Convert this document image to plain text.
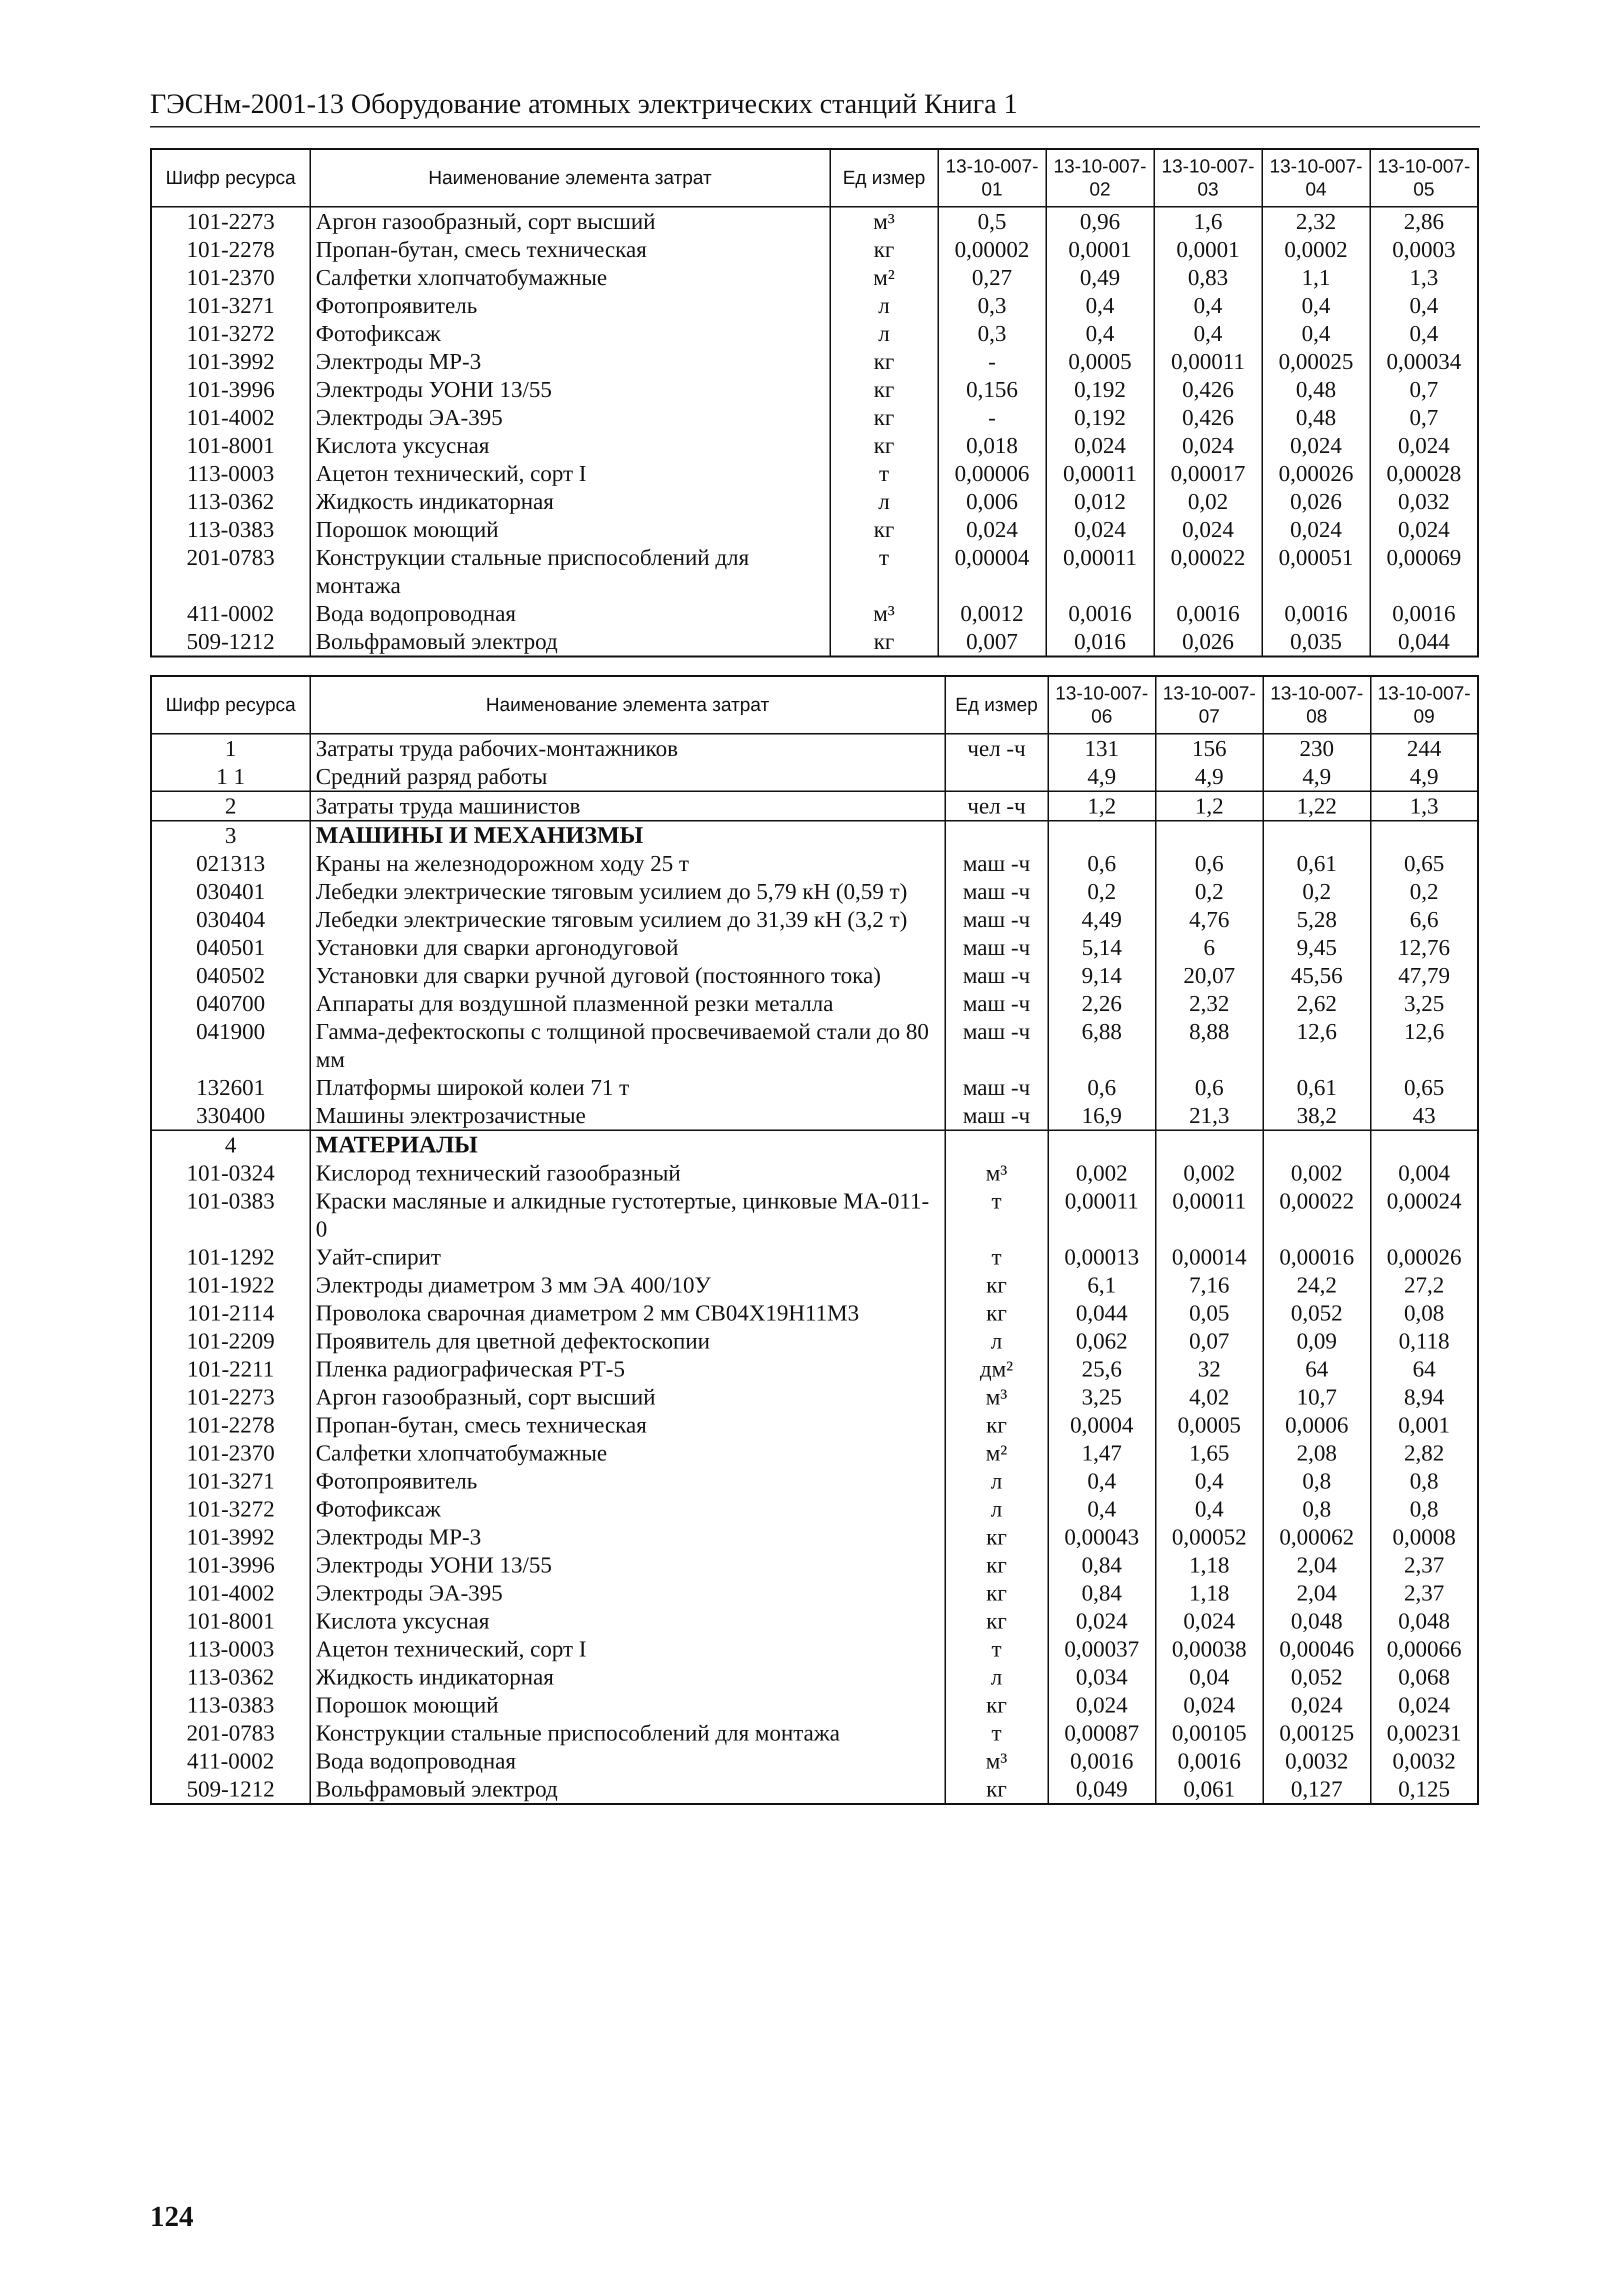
ГЭСНм-2001-13 Оборудование атомных электрических станций Книга 1
Шифр ресурса	Наименование элемента затрат	Ед измер	13-10-007-01	13-10-007-02	13-10-007-03	13-10-007-04	13-10-007-05
101-2273	Аргон газообразный, сорт высший	м³	0,5	0,96	1,6	2,32	2,86
101-2278	Пропан-бутан, смесь техническая	кг	0,00002	0,0001	0,0001	0,0002	0,0003
101-2370	Салфетки хлопчатобумажные	м²	0,27	0,49	0,83	1,1	1,3
101-3271	Фотопроявитель	л	0,3	0,4	0,4	0,4	0,4
101-3272	Фотофиксаж	л	0,3	0,4	0,4	0,4	0,4
101-3992	Электроды МР-3	кг	-	0,0005	0,00011	0,00025	0,00034
101-3996	Электроды УОНИ 13/55	кг	0,156	0,192	0,426	0,48	0,7
101-4002	Электроды ЭА-395	кг	-	0,192	0,426	0,48	0,7
101-8001	Кислота уксусная	кг	0,018	0,024	0,024	0,024	0,024
113-0003	Ацетон технический, сорт I	т	0,00006	0,00011	0,00017	0,00026	0,00028
113-0362	Жидкость индикаторная	л	0,006	0,012	0,02	0,026	0,032
113-0383	Порошок моющий	кг	0,024	0,024	0,024	0,024	0,024
201-0783	Конструкции стальные приспособлений для монтажа	т	0,00004	0,00011	0,00022	0,00051	0,00069
411-0002	Вода водопроводная	м³	0,0012	0,0016	0,0016	0,0016	0,0016
509-1212	Вольфрамовый электрод	кг	0,007	0,016	0,026	0,035	0,044
Шифр ресурса	Наименование элемента затрат	Ед измер	13-10-007-06	13-10-007-07	13-10-007-08	13-10-007-09
1	Затраты труда рабочих-монтажников	чел -ч	131	156	230	244
1 1	Средний разряд работы		4,9	4,9	4,9	4,9
2	Затраты труда машинистов	чел -ч	1,2	1,2	1,22	1,3
3	МАШИНЫ И МЕХАНИЗМЫ					
021313	Краны на железнодорожном ходу 25 т	маш -ч	0,6	0,6	0,61	0,65
030401	Лебедки электрические тяговым усилием до 5,79 кН (0,59 т)	маш -ч	0,2	0,2	0,2	0,2
030404	Лебедки электрические тяговым усилием до 31,39 кН (3,2 т)	маш -ч	4,49	4,76	5,28	6,6
040501	Установки для сварки аргонодуговой	маш -ч	5,14	6	9,45	12,76
040502	Установки для сварки ручной дуговой (постоянного тока)	маш -ч	9,14	20,07	45,56	47,79
040700	Аппараты для воздушной плазменной резки металла	маш -ч	2,26	2,32	2,62	3,25
041900	Гамма-дефектоскопы с толщиной просвечиваемой стали до 80 мм	маш -ч	6,88	8,88	12,6	12,6
132601	Платформы широкой колеи 71 т	маш -ч	0,6	0,6	0,61	0,65
330400	Машины электрозачистные	маш -ч	16,9	21,3	38,2	43
4	МАТЕРИАЛЫ					
101-0324	Кислород технический газообразный	м³	0,002	0,002	0,002	0,004
101-0383	Краски масляные и алкидные густотертые, цинковые МА-011-0	т	0,00011	0,00011	0,00022	0,00024
101-1292	Уайт-спирит	т	0,00013	0,00014	0,00016	0,00026
101-1922	Электроды диаметром 3 мм ЭА 400/10У	кг	6,1	7,16	24,2	27,2
101-2114	Проволока сварочная диаметром 2 мм СВ04Х19Н11М3	кг	0,044	0,05	0,052	0,08
101-2209	Проявитель для цветной дефектоскопии	л	0,062	0,07	0,09	0,118
101-2211	Пленка радиографическая РТ-5	дм²	25,6	32	64	64
101-2273	Аргон газообразный, сорт высший	м³	3,25	4,02	10,7	8,94
101-2278	Пропан-бутан, смесь техническая	кг	0,0004	0,0005	0,0006	0,001
101-2370	Салфетки хлопчатобумажные	м²	1,47	1,65	2,08	2,82
101-3271	Фотопроявитель	л	0,4	0,4	0,8	0,8
101-3272	Фотофиксаж	л	0,4	0,4	0,8	0,8
101-3992	Электроды МР-3	кг	0,00043	0,00052	0,00062	0,0008
101-3996	Электроды УОНИ 13/55	кг	0,84	1,18	2,04	2,37
101-4002	Электроды ЭА-395	кг	0,84	1,18	2,04	2,37
101-8001	Кислота уксусная	кг	0,024	0,024	0,048	0,048
113-0003	Ацетон технический, сорт I	т	0,00037	0,00038	0,00046	0,00066
113-0362	Жидкость индикаторная	л	0,034	0,04	0,052	0,068
113-0383	Порошок моющий	кг	0,024	0,024	0,024	0,024
201-0783	Конструкции стальные приспособлений для монтажа	т	0,00087	0,00105	0,00125	0,00231
411-0002	Вода водопроводная	м³	0,0016	0,0016	0,0032	0,0032
509-1212	Вольфрамовый электрод	кг	0,049	0,061	0,127	0,125
124
